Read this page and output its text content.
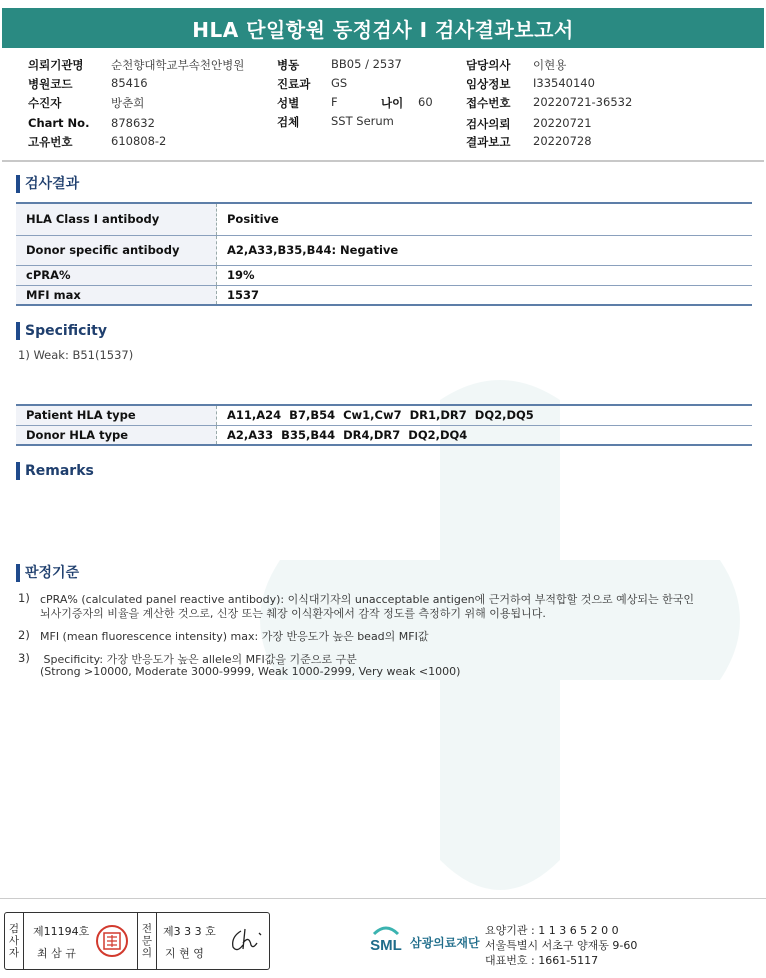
HLA 단일항원 동정검사 I 검사결과보고서
의뢰기관명 순천향대학교부속천안병원
병원코드	85416
수진자	방춘희
Chart No. 878632
고유번호	610808-2
병동	BB05 / 2537
진료과 GS
성별	F	나이 60
검체	SST Serum
담당의사 이현용
임상정보 I33540140
접수번호 20220721-36532
검사의뢰 20220721
결과보고 20220728
검사결과
HLA Class I antibody	Positive
Donor specific antibody	A2,A33,B35,B44: Negative
cPRA%	19%
MFI max	1537
Specificity
1) Weak: B51(1537)
Patient HLA type	A11,A24  B7,B54  Cw1,Cw7  DR1,DR7  DQ2,DQ5
Donor HLA type	A2,A33  B35,B44  DR4,DR7  DQ2,DQ4
Remarks
판정기준
1) cPRA% (calculated panel reactive antibody): 이식대기자의 unacceptable antigen에 근거하여 부적합할 것으로 예상되는 한국인
뇌사기증자의 비율을 계산한 것으로, 신장 또는 췌장 이식환자에서 감작 정도를 측정하기 위해 이용됩니다.
2) MFI (mean fluorescence intensity) max: 가장 반응도가 높은 bead의 MFI값
3) Specificity: 가장 반응도가 높은 allele의 MFI값을 기준으로 구분
(Strong >10000, Moderate 3000-9999, Weak 1000-2999, Very weak <1000)
검
사
자
제11194호
최 삼 규
전
문
의
제3 3 3 호
지 현 영	SML 삼광의료재단
요양기관 : 1 1 3 6 5 2 0 0
서울특별시 서초구 양재동 9-60
대표번호 : 1661-5117
